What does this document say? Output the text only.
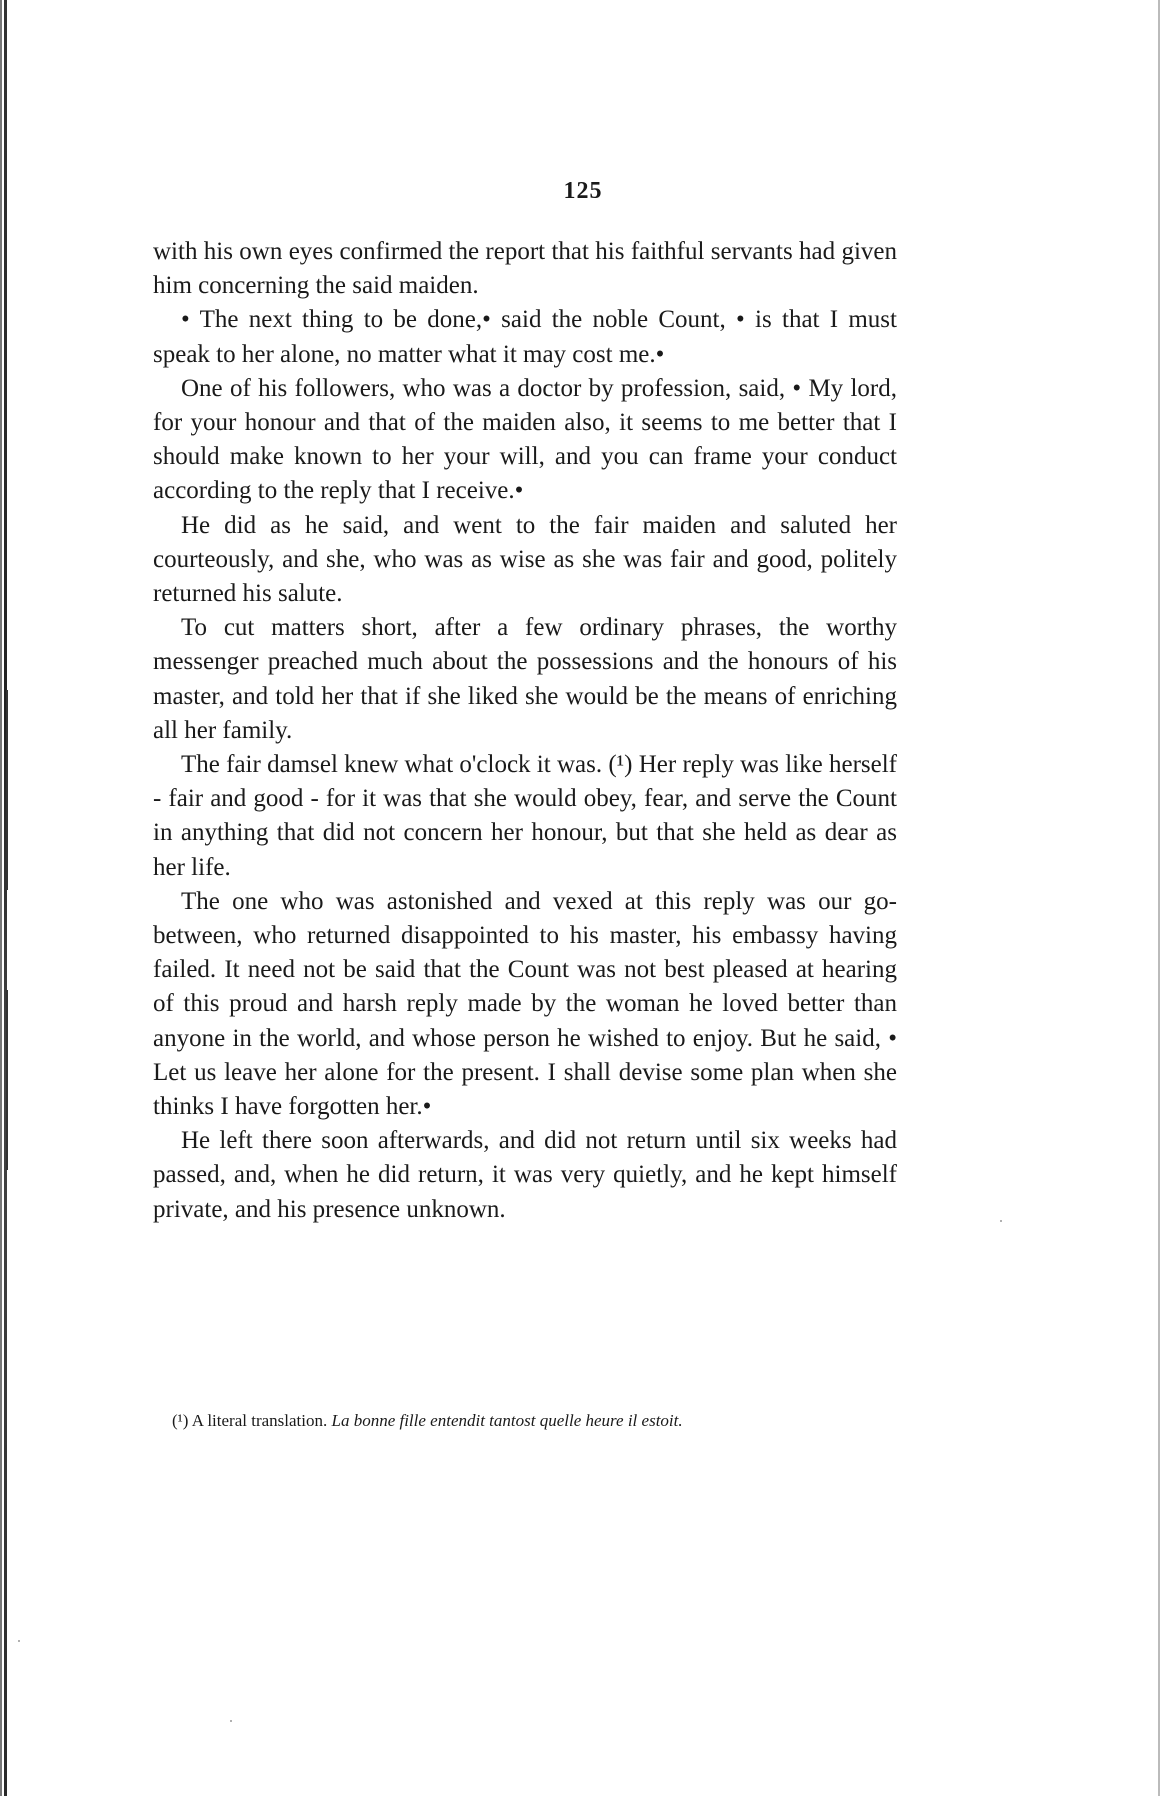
125

with his own eyes confirmed the report that his faithful servants had given him concerning the said maiden.

• The next thing to be done,• said the noble Count, • is that I must speak to her alone, no matter what it may cost me.•

One of his followers, who was a doctor by profession, said, • My lord, for your honour and that of the maiden also, it seems to me better that I should make known to her your will, and you can frame your conduct according to the reply that I receive.•

He did as he said, and went to the fair maiden and saluted her courteously, and she, who was as wise as she was fair and good, politely returned his salute.

To cut matters short, after a few ordinary phrases, the worthy messenger preached much about the possessions and the honours of his master, and told her that if she liked she would be the means of enriching all her family.

The fair damsel knew what o'clock it was. (¹) Her reply was like herself - fair and good - for it was that she would obey, fear, and serve the Count in anything that did not concern her honour, but that she held as dear as her life.

The one who was astonished and vexed at this reply was our go-between, who returned disappointed to his master, his embassy having failed. It need not be said that the Count was not best pleased at hearing of this proud and harsh reply made by the woman he loved better than anyone in the world, and whose person he wished to enjoy. But he said, • Let us leave her alone for the present. I shall devise some plan when she thinks I have forgotten her.•

He left there soon afterwards, and did not return until six weeks had passed, and, when he did return, it was very quietly, and he kept himself private, and his presence unknown.

(¹) A literal translation. La bonne fille entendit tantost quelle heure il estoit.
